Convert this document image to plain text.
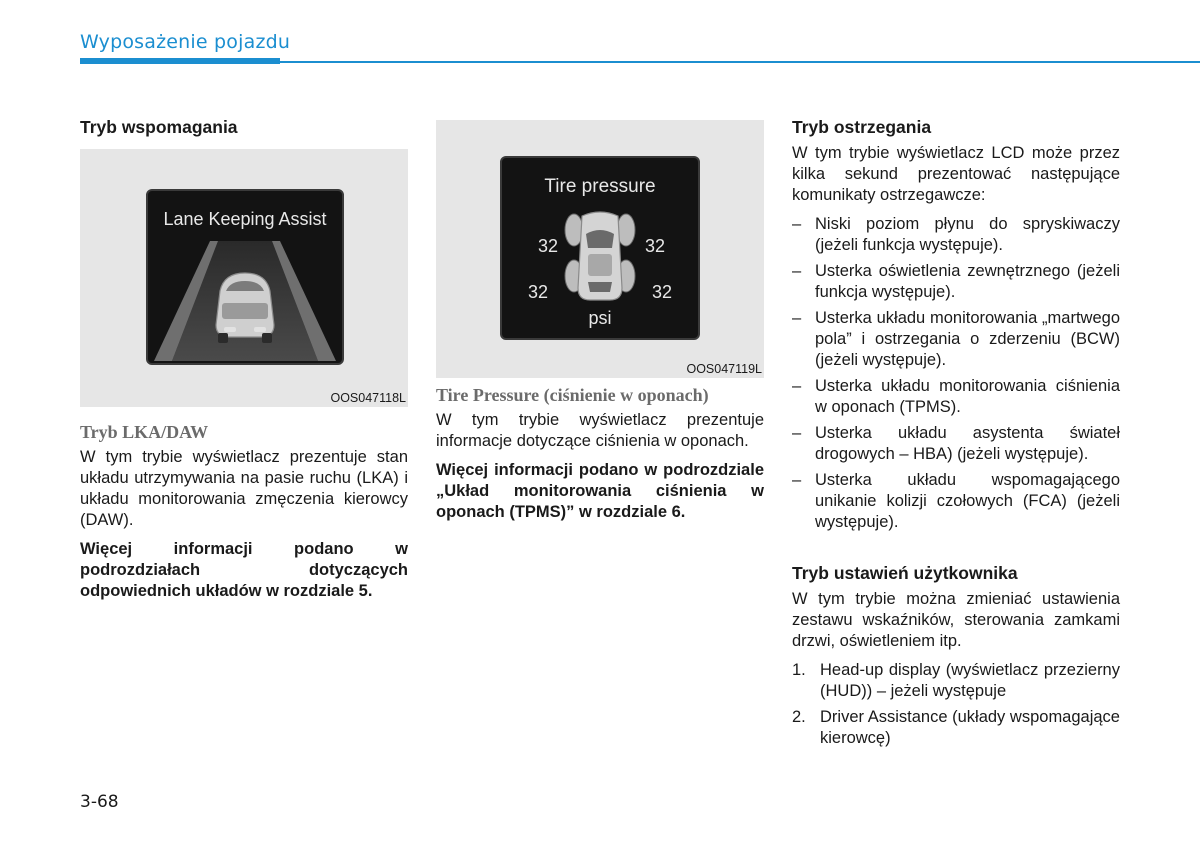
Wyposażenie pojazdu
Tryb wspomagania
Lane Keeping Assist
OOS047118L
Tryb LKA/DAW

W tym trybie wyświetlacz prezentuje stan układu utrzymywania na pasie ruchu (LKA) i układu monitorowania zmęczenia kierowcy (DAW).

Więcej informacji podano w podrozdziałach dotyczących odpowiednich układów w rozdziale 5.

Tire pressure
32	32
32	32
psi
OOS047119L
Tire Pressure (ciśnienie w oponach)

W tym trybie wyświetlacz prezentuje informacje dotyczące ciśnienia w oponach.

Więcej informacji podano w podrozdziale „Układ monitorowania ciśnienia w oponach (TPMS)” w rozdziale 6.

Tryb ostrzegania

W tym trybie wyświetlacz LCD może przez kilka sekund prezentować następujące komunikaty ostrzegawcze:

– Niski poziom płynu do spryskiwaczy (jeżeli funkcja występuje).
– Usterka oświetlenia zewnętrznego (jeżeli funkcja występuje).
– Usterka układu monitorowania „martwego pola” i ostrzegania o zderzeniu (BCW) (jeżeli występuje).
– Usterka układu monitorowania ciśnienia w oponach (TPMS).
– Usterka układu asystenta świateł drogowych – HBA) (jeżeli występuje).
– Usterka układu wspomagającego unikanie kolizji czołowych (FCA) (jeżeli występuje).
Tryb ustawień użytkownika

W tym trybie można zmieniać ustawienia zestawu wskaźników, sterowania zamkami drzwi, oświetleniem itp.

1. Head-up display (wyświetlacz przezierny (HUD)) – jeżeli występuje
2. Driver Assistance (układy wspomagające kierowcę)
3-68
